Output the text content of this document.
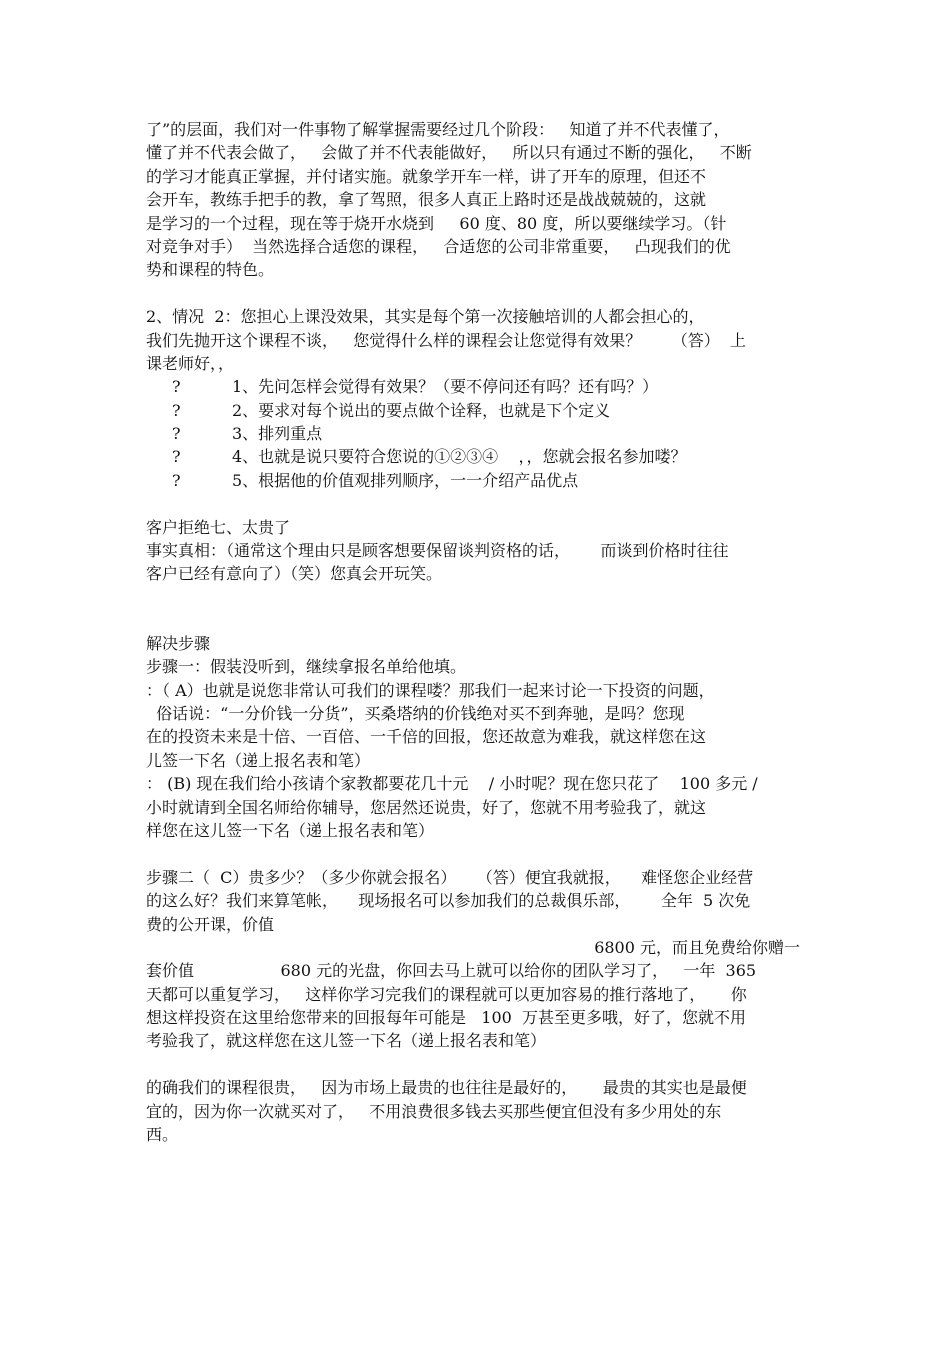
了”的层面，我们对一件事物了解掌握需要经过几个阶段：   知道了并不代表懂了，
懂了并不代表会做了，   会做了并不代表能做好，   所以只有通过不断的强化，   不断
的学习才能真正掌握，并付诸实施。就象学开车一样，讲了开车的原理，但还不
会开车，教练手把手的教，拿了驾照，很多人真正上路时还是战战兢兢的，这就
是学习的一个过程，现在等于烧开水烧到     60 度、80 度，所以要继续学习。（针
对竞争对手）  当然选择合适您的课程，   合适您的公司非常重要，   凸现我们的优
势和课程的特色。
2、情况  2：您担心上课没效果，其实是每个第一次接触培训的人都会担心的，
我们先抛开这个课程不谈，   您觉得什么样的课程会让您觉得有效果？      （答）  上
课老师好，，
?	1、先问怎样会觉得有效果？（要不停问还有吗？还有吗？）
?	2、要求对每个说出的要点做个诠释，也就是下个定义
?	3、排列重点
?	4、也就是说只要符合您说的①②③④    ，，您就会报名参加喽？
?	5、根据他的价值观排列顺序，一一介绍产品优点
客户拒绝七、太贵了
事实真相：（通常这个理由只是顾客想要保留谈判资格的话，      而谈到价格时往往
客户已经有意向了）（笑）您真会开玩笑。
解决步骤
步骤一：假装没听到，继续拿报名单给他填。
：（ A）也就是说您非常认可我们的课程喽？那我们一起来讨论一下投资的问题，
俗话说：“一分价钱一分货”，买桑塔纳的价钱绝对买不到奔驰，是吗？您现
在的投资未来是十倍、一百倍、一千倍的回报，您还故意为难我，就这样您在这
儿签一下名（递上报名表和笔）
： (B) 现在我们给小孩请个家教都要花几十元    / 小时呢？现在您只花了    100 多元 /
小时就请到全国名师给你辅导，您居然还说贵，好了，您就不用考验我了，就这
样您在这儿签一下名（递上报名表和笔）
步骤二（  C）贵多少？（多少你就会报名）    （答）便宜我就报，    难怪您企业经营
的这么好？我们来算笔帐，    现场报名可以参加我们的总裁俱乐部，      全年  5 次免
费的公开课，价值
6800 元，而且免费给你赠一
套价值                 680 元的光盘，你回去马上就可以给你的团队学习了，   一年  365
天都可以重复学习，   这样你学习完我们的课程就可以更加容易的推行落地了，     你
想这样投资在这里给您带来的回报每年可能是   100  万甚至更多哦，好了，您就不用
考验我了，就这样您在这儿签一下名（递上报名表和笔）
的确我们的课程很贵，   因为市场上最贵的也往往是最好的，     最贵的其实也是最便
宜的，因为你一次就买对了，   不用浪费很多钱去买那些便宜但没有多少用处的东
西。
